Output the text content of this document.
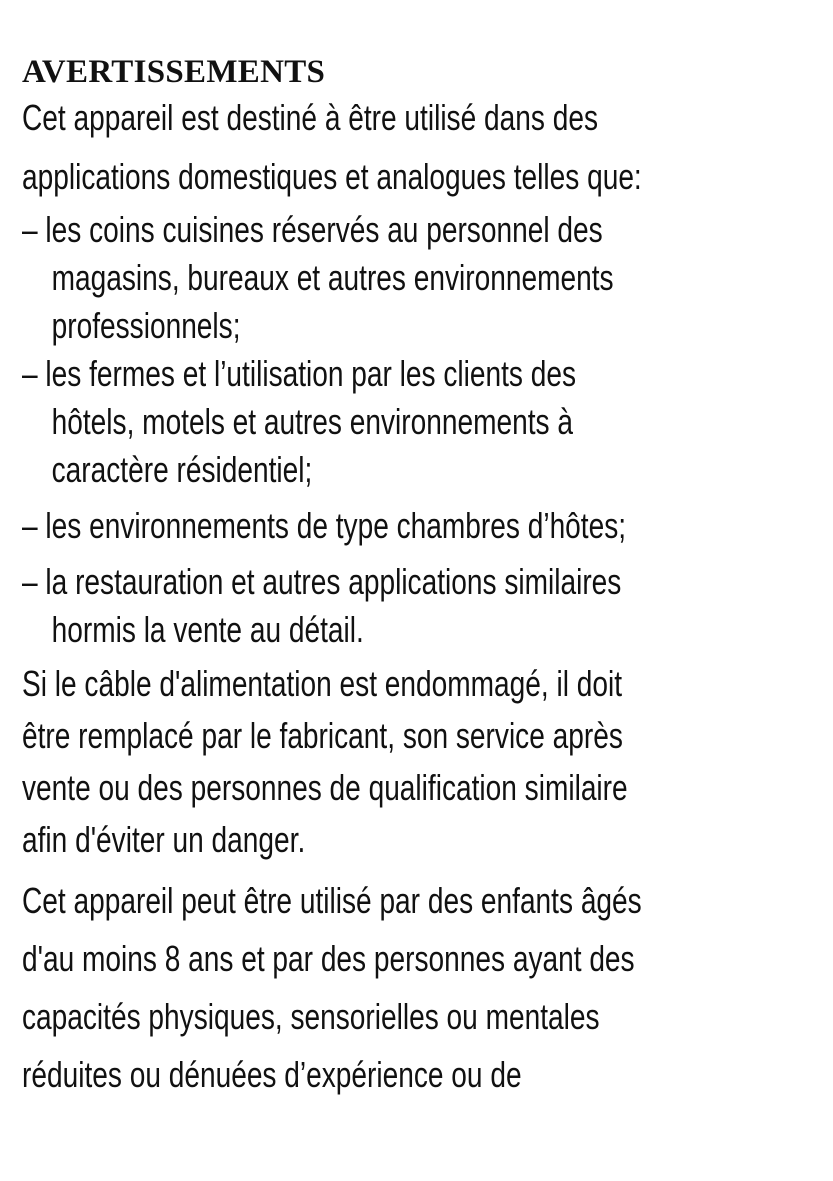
AVERTISSEMENTS
Cet appareil est destiné à être utilisé dans des
applications domestiques et analogues telles que:
– les coins cuisines réservés au personnel des
magasins, bureaux et autres environnements
professionnels;
– les fermes et l’utilisation par les clients des
hôtels, motels et autres environnements à
caractère résidentiel;
– les environnements de type chambres d’hôtes;
– la restauration et autres applications similaires
hormis la vente au détail.
Si le câble d'alimentation est endommagé, il doit
être remplacé par le fabricant, son service après
vente ou des personnes de qualification similaire
afin d'éviter un danger.
Cet appareil peut être utilisé par des enfants âgés
d'au moins 8 ans et par des personnes ayant des
capacités physiques, sensorielles ou mentales
réduites ou dénuées d’expérience ou de
